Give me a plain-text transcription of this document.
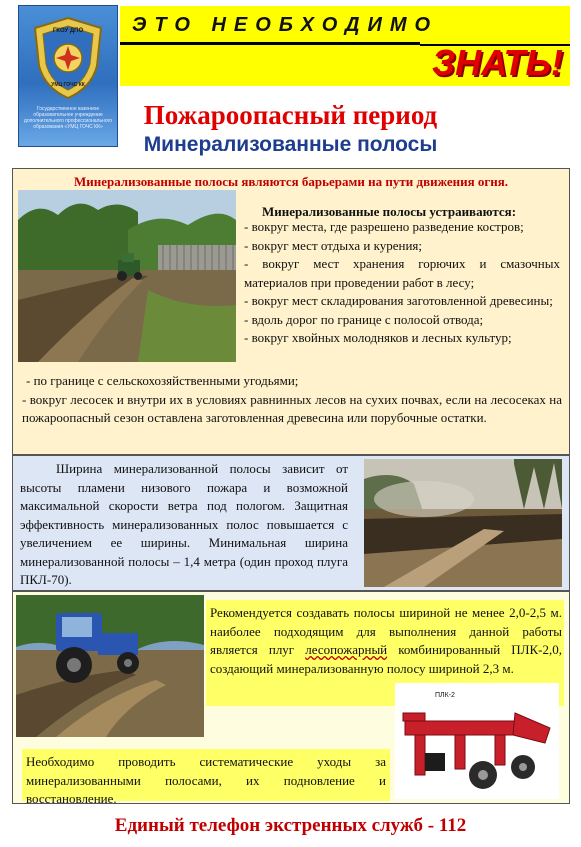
ГКОУ ДПО
УМЦ ГОЧС КК
Государственное казенное образовательное учреждение дополнительного профессионального образования «УМЦ ГОЧС КК»
ЭТО НЕОБХОДИМО
ЗНАТЬ!
Пожароопасный период
Минерализованные полосы
Минерализованные полосы являются барьерами на пути движения огня.
Минерализованные полосы устраиваются:
- вокруг места, где разрешено разведение костров;
- вокруг мест отдыха и курения;
- вокруг мест хранения горючих и смазочных материалов при проведении работ в лесу;
- вокруг мест складирования заготовленной древесины;
- вдоль дорог по границе с полосой отвода;
- вокруг хвойных молодняков и лесных культур;
- по границе с сельскохозяйственными угодьями;
- вокруг лесосек и внутри их в условиях равнинных лесов на сухих почвах, если на лесосеках на пожароопасный сезон оставлена заготовленная древесина или порубочные остатки.
Ширина минерализованной полосы зависит от высоты пламени низового пожара и возможной максимальной скорости ветра под пологом. Защитная эффективность минерализованных полос повышается с увеличением ее ширины. Минимальная ширина минерализованной полосы – 1,4 метра (один проход плуга ПКЛ-70).
Рекомендуется создавать полосы шириной не менее 2,0-2,5 м. наиболее подходящим для выполнения данной работы является плуг лесопожарный комбинированный ПЛК-2,0, создающий минерализованную полосу шириной 2,3 м.
ПЛК-2
Необходимо проводить систематические уходы за минерализованными полосами, их подновление и восстановление.
Единый телефон экстренных служб - 112
